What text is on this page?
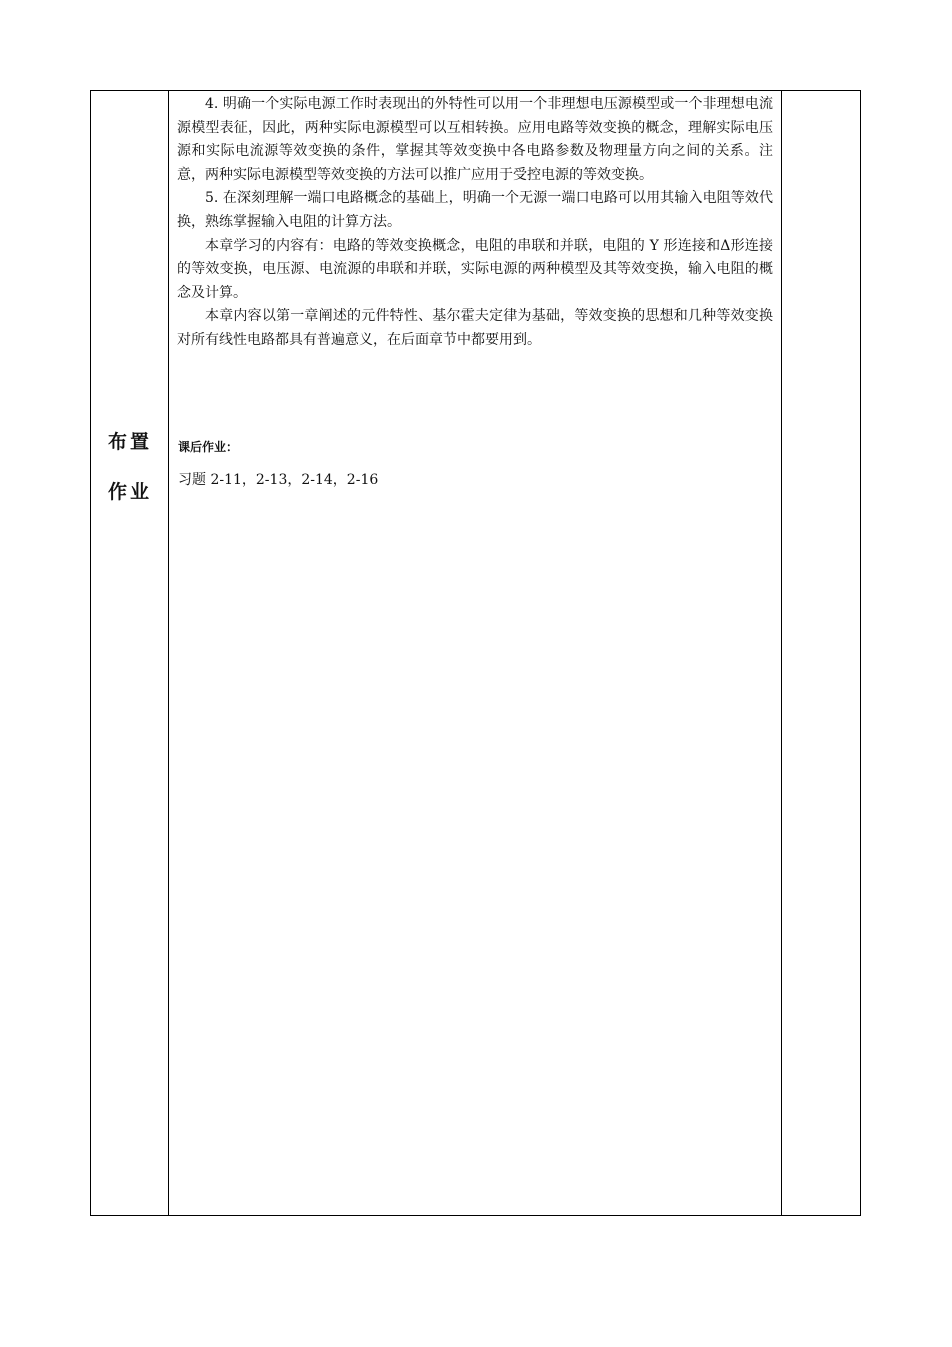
布置
作业

4. 明确一个实际电源工作时表现出的外特性可以用一个非理想电压源模型或一个非理想电流源模型表征，因此，两种实际电源模型可以互相转换。应用电路等效变换的概念，理解实际电压源和实际电流源等效变换的条件，掌握其等效变换中各电路参数及物理量方向之间的关系。注意，两种实际电源模型等效变换的方法可以推广应用于受控电源的等效变换。

5. 在深刻理解一端口电路概念的基础上，明确一个无源一端口电路可以用其输入电阻等效代换，熟练掌握输入电阻的计算方法。

本章学习的内容有：电路的等效变换概念，电阻的串联和并联，电阻的 Y 形连接和Δ形连接的等效变换，电压源、电流源的串联和并联，实际电源的两种模型及其等效变换，输入电阻的概念及计算。

本章内容以第一章阐述的元件特性、基尔霍夫定律为基础，等效变换的思想和几种等效变换对所有线性电路都具有普遍意义，在后面章节中都要用到。

课后作业：
习题 2-11，2-13，2-14，2-16
